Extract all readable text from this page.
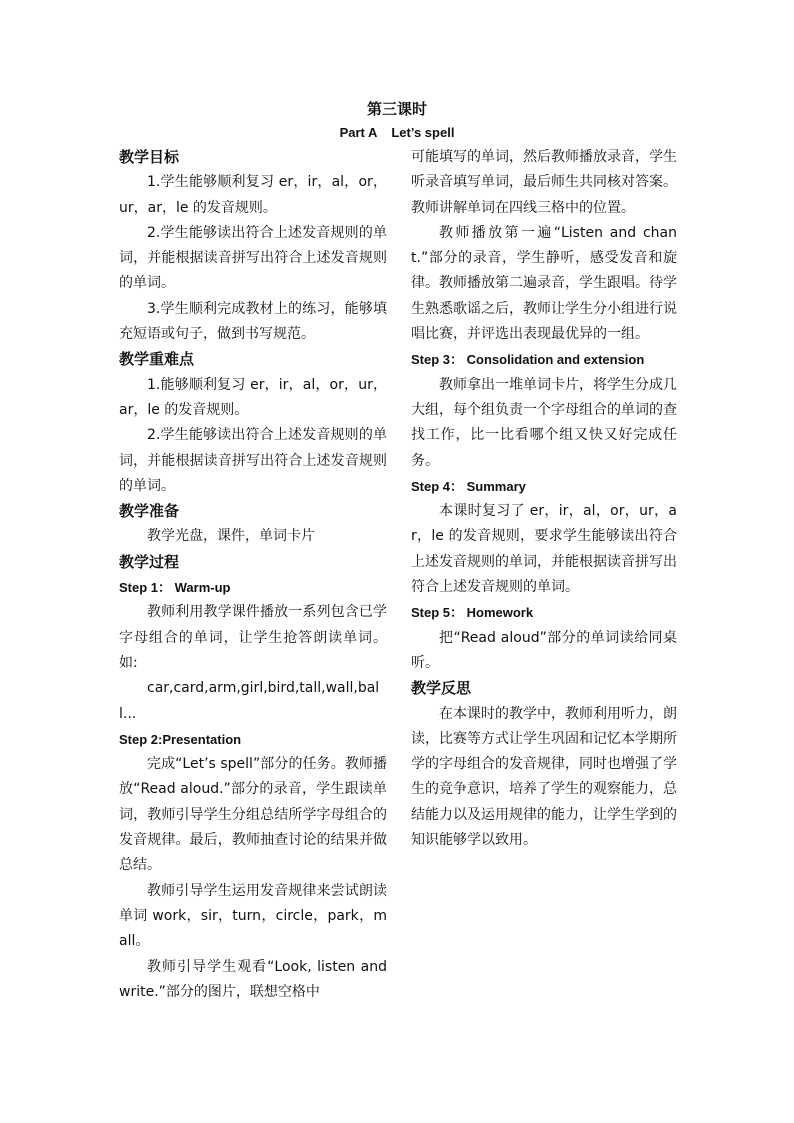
第三课时
Part A    Let’s spell

教学目标

1.学生能够顺利复习 er，ir，al，or，ur，ar，le 的发音规则。

2.学生能够读出符合上述发音规则的单词，并能根据读音拼写出符合上述发音规则的单词。

3.学生顺利完成教材上的练习，能够填充短语或句子，做到书写规范。

教学重难点

1.能够顺利复习 er，ir，al，or，ur，ar，le 的发音规则。

2.学生能够读出符合上述发音规则的单词，并能根据读音拼写出符合上述发音规则的单词。

教学准备

教学光盘，课件，单词卡片

教学过程

Step 1： Warm-up

教师利用教学课件播放一系列包含已学字母组合的单词，让学生抢答朗读单词。如:

car,card,arm,girl,bird,tall,wall,ball...

Step 2:Presentation

完成“Let’s spell”部分的任务。教师播放“Read aloud.”部分的录音，学生跟读单词，教师引导学生分组总结所学字母组合的发音规律。最后，教师抽查讨论的结果并做总结。

教师引导学生运用发音规律来尝试朗读单词 work，sir，turn，circle，park，mall。

教师引导学生观看“Look, listen and write.”部分的图片，联想空格中

可能填写的单词，然后教师播放录音，学生听录音填写单词，最后师生共同核对答案。教师讲解单词在四线三格中的位置。

教师播放第一遍“Listen and chant.”部分的录音，学生静听，感受发音和旋律。教师播放第二遍录音，学生跟唱。待学生熟悉歌谣之后，教师让学生分小组进行说唱比赛，并评选出表现最优异的一组。

Step 3： Consolidation and extension

教师拿出一堆单词卡片，将学生分成几大组，每个组负责一个字母组合的单词的查找工作，比一比看哪个组又快又好完成任务。

Step 4： Summary

本课时复习了 er，ir，al，or，ur，ar，le 的发音规则，要求学生能够读出符合上述发音规则的单词，并能根据读音拼写出符合上述发音规则的单词。

Step 5： Homework

把“Read aloud”部分的单词读给同桌听。

教学反思

在本课时的教学中，教师利用听力，朗读，比赛等方式让学生巩固和记忆本学期所学的字母组合的发音规律，同时也增强了学生的竞争意识，培养了学生的观察能力，总结能力以及运用规律的能力，让学生学到的知识能够学以致用。
